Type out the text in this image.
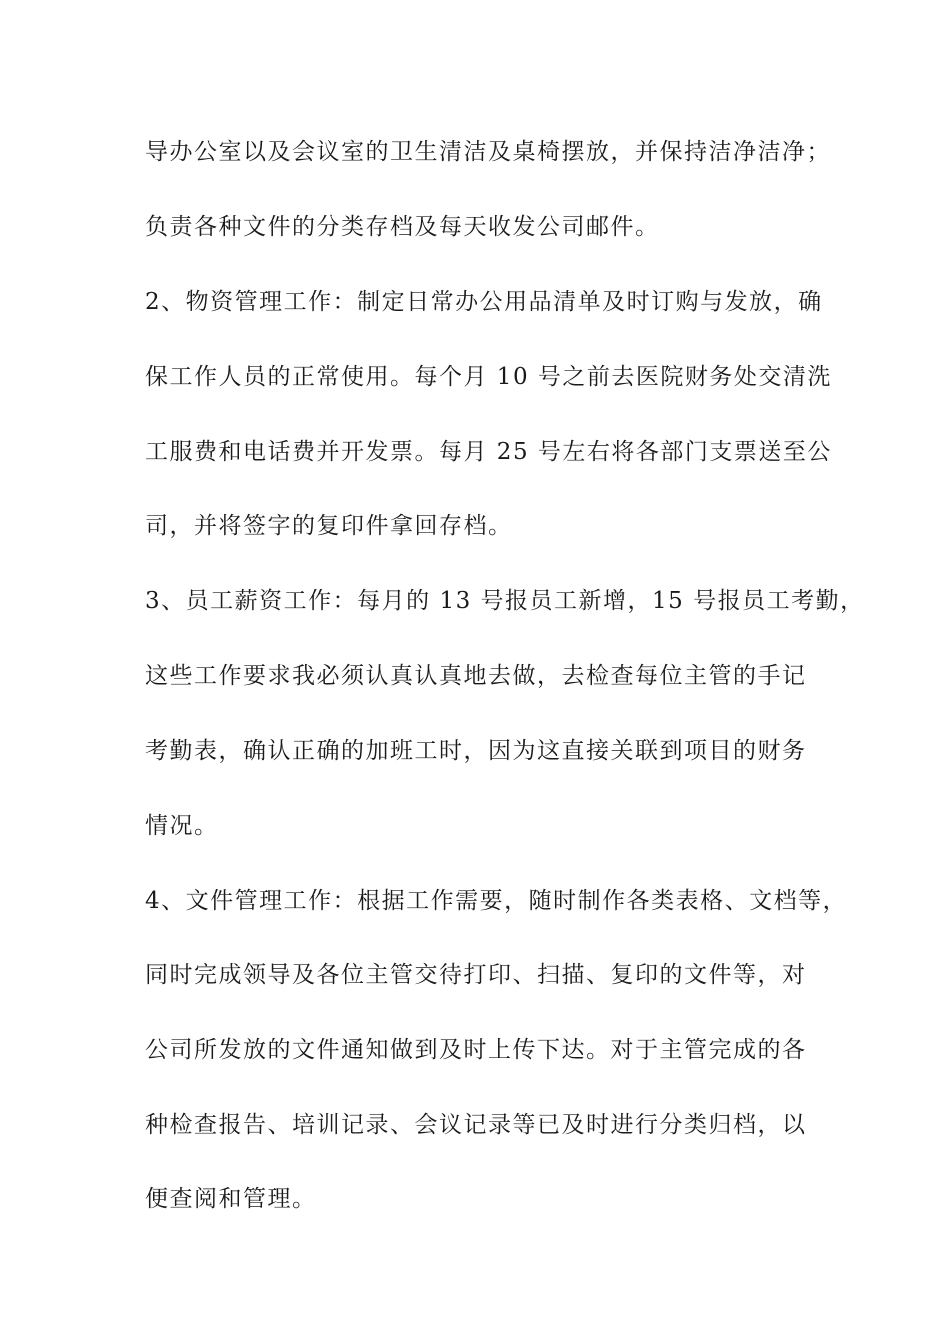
导办公室以及会议室的卫生清洁及桌椅摆放，并保持洁净洁净；
负责各种文件的分类存档及每天收发公司邮件。
2、物资管理工作：制定日常办公用品清单及时订购与发放，确
保工作人员的正常使用。每个月 10 号之前去医院财务处交清洗
工服费和电话费并开发票。每月 25 号左右将各部门支票送至公
司，并将签字的复印件拿回存档。
3、员工薪资工作：每月的 13 号报员工新增，15 号报员工考勤，
这些工作要求我必须认真认真地去做，去检查每位主管的手记
考勤表，确认正确的加班工时，因为这直接关联到项目的财务
情况。
4、文件管理工作：根据工作需要，随时制作各类表格、文档等，
同时完成领导及各位主管交待打印、扫描、复印的文件等，对
公司所发放的文件通知做到及时上传下达。对于主管完成的各
种检查报告、培训记录、会议记录等已及时进行分类归档，以
便查阅和管理。
